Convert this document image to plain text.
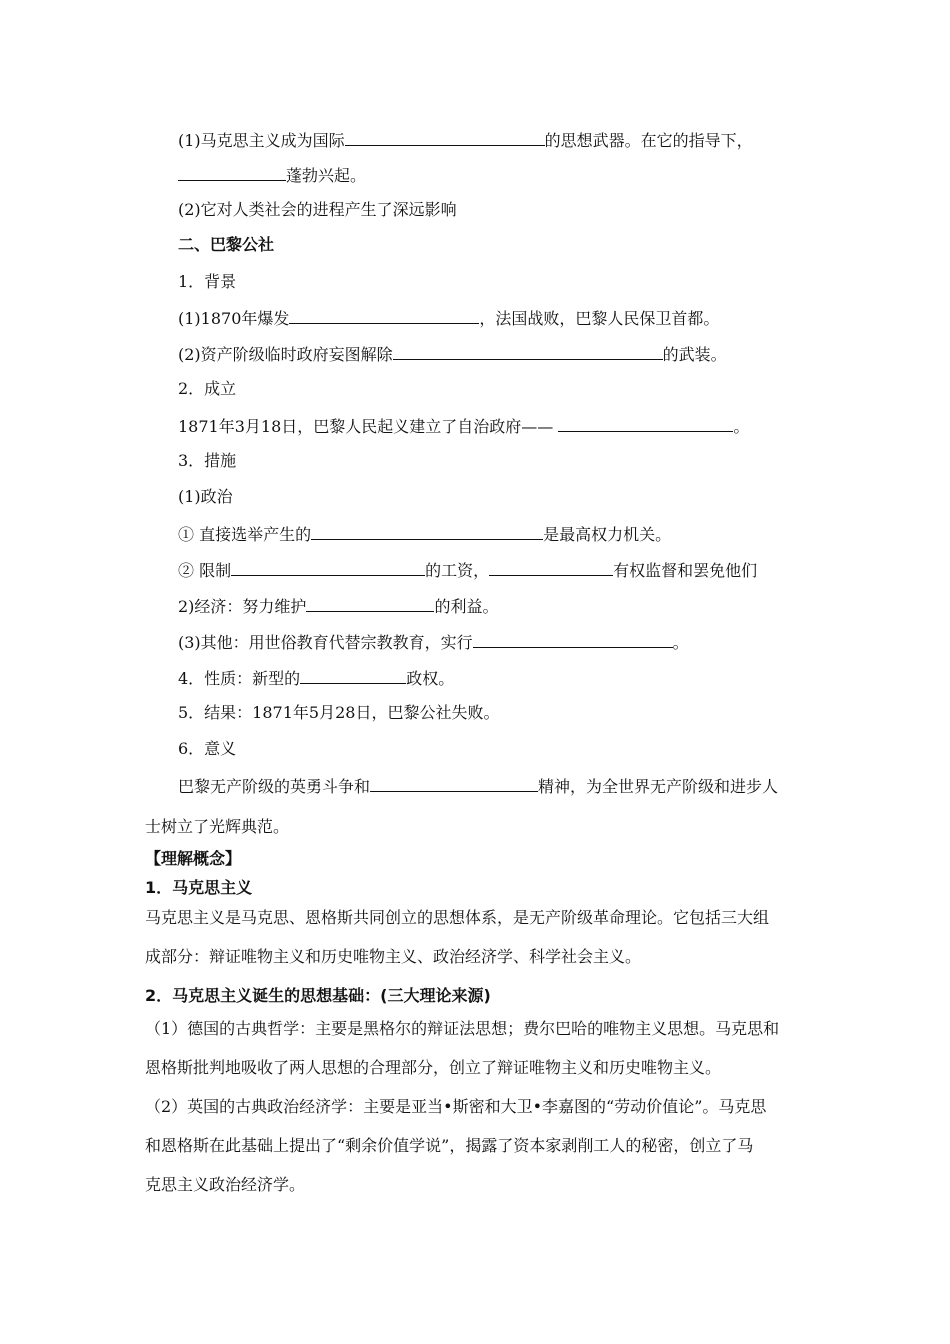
(1)马克思主义成为国际	的思想武器。在它的指导下，
蓬勃兴起。
(2)它对人类社会的进程产生了深远影响
二、巴黎公社
1．背景
(1)1870年爆发	，法国战败，巴黎人民保卫首都。
(2)资产阶级临时政府妄图解除	的武装。
2．成立
1871年3月18日，巴黎人民起义建立了自治政府——	。
3．措施
(1)政治
① 直接选举产生的	是最高权力机关。
② 限制	的工资，	有权监督和罢免他们
2)经济：努力维护	的利益。
(3)其他：用世俗教育代替宗教教育，实行	。
4．性质：新型的	政权。
5．结果：1871年5月28日，巴黎公社失败。
6．意义
巴黎无产阶级的英勇斗争和	精神，为全世界无产阶级和进步人
士树立了光辉典范。
【理解概念】
1．马克思主义
马克思主义是马克思、恩格斯共同创立的思想体系，是无产阶级革命理论。它包括三大组
成部分：辩证唯物主义和历史唯物主义、政治经济学、科学社会主义。
2．马克思主义诞生的思想基础：(三大理论来源)
（1）德国的古典哲学：主要是黑格尔的辩证法思想；费尔巴哈的唯物主义思想。马克思和
恩格斯批判地吸收了两人思想的合理部分，创立了辩证唯物主义和历史唯物主义。
（2）英国的古典政治经济学：主要是亚当•斯密和大卫•李嘉图的“劳动价值论”。马克思
和恩格斯在此基础上提出了“剩余价值学说”，揭露了资本家剥削工人的秘密，创立了马
克思主义政治经济学。
